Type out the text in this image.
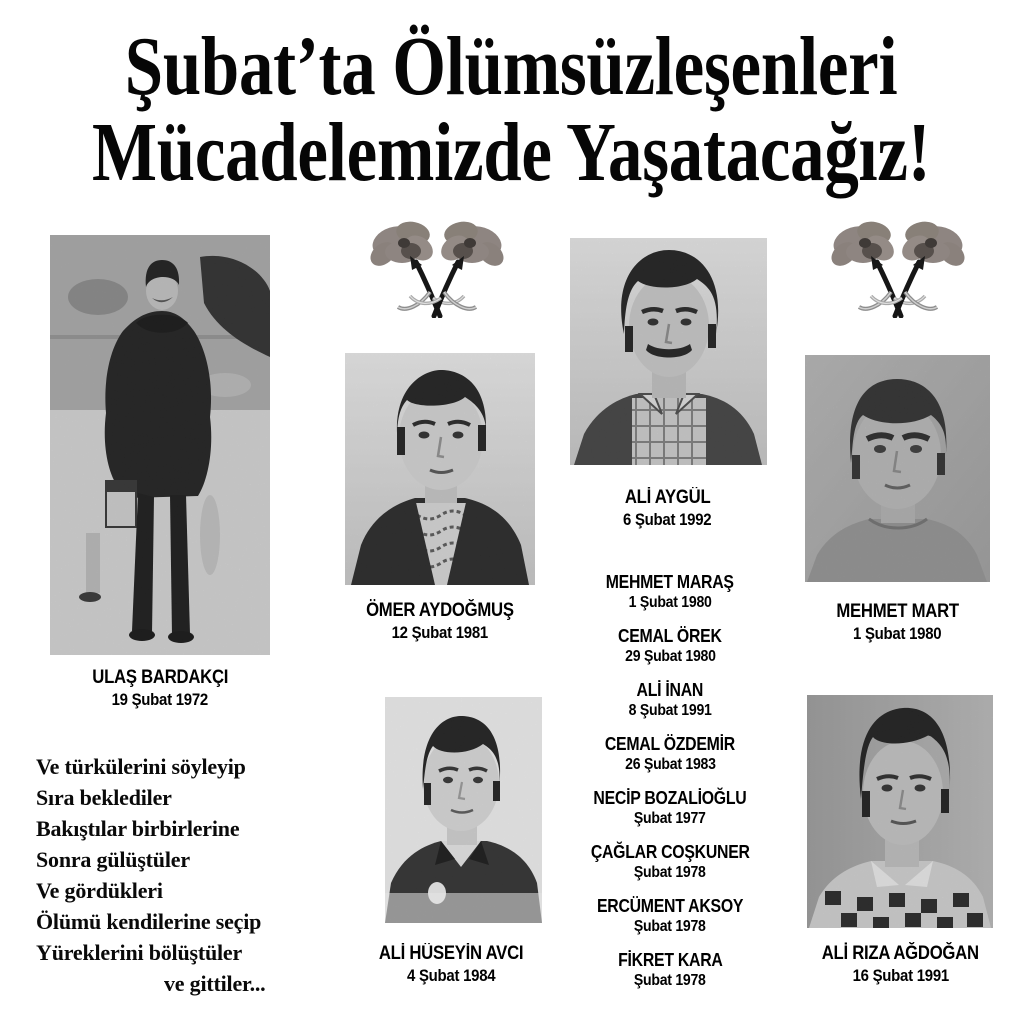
Şubat’ta Ölümsüzleşenleri
Mücadelemizde Yaşatacağız!
ULAŞ BARDAKÇI
19 Şubat 1972
ÖMER AYDOĞMUŞ
12 Şubat 1981
ALİ AYGÜL
6 Şubat 1992
MEHMET MART
1 Şubat 1980
ALİ HÜSEYİN AVCI
4 Şubat 1984
ALİ RIZA AĞDOĞAN
16 Şubat 1991
MEHMET MARAŞ
1 Şubat 1980
CEMAL ÖREK
29 Şubat 1980
ALİ İNAN
8 Şubat 1991
CEMAL ÖZDEMİR
26 Şubat 1983
NECİP BOZALİOĞLU
Şubat 1977
ÇAĞLAR COŞKUNER
Şubat 1978
ERCÜMENT AKSOY
Şubat 1978
FİKRET KARA
Şubat 1978
Ve türkülerini söyleyip
Sıra beklediler
Bakıştılar birbirlerine
Sonra gülüştüler
Ve gördükleri
Ölümü kendilerine seçip
Yüreklerini bölüştüler
ve gittiler...
